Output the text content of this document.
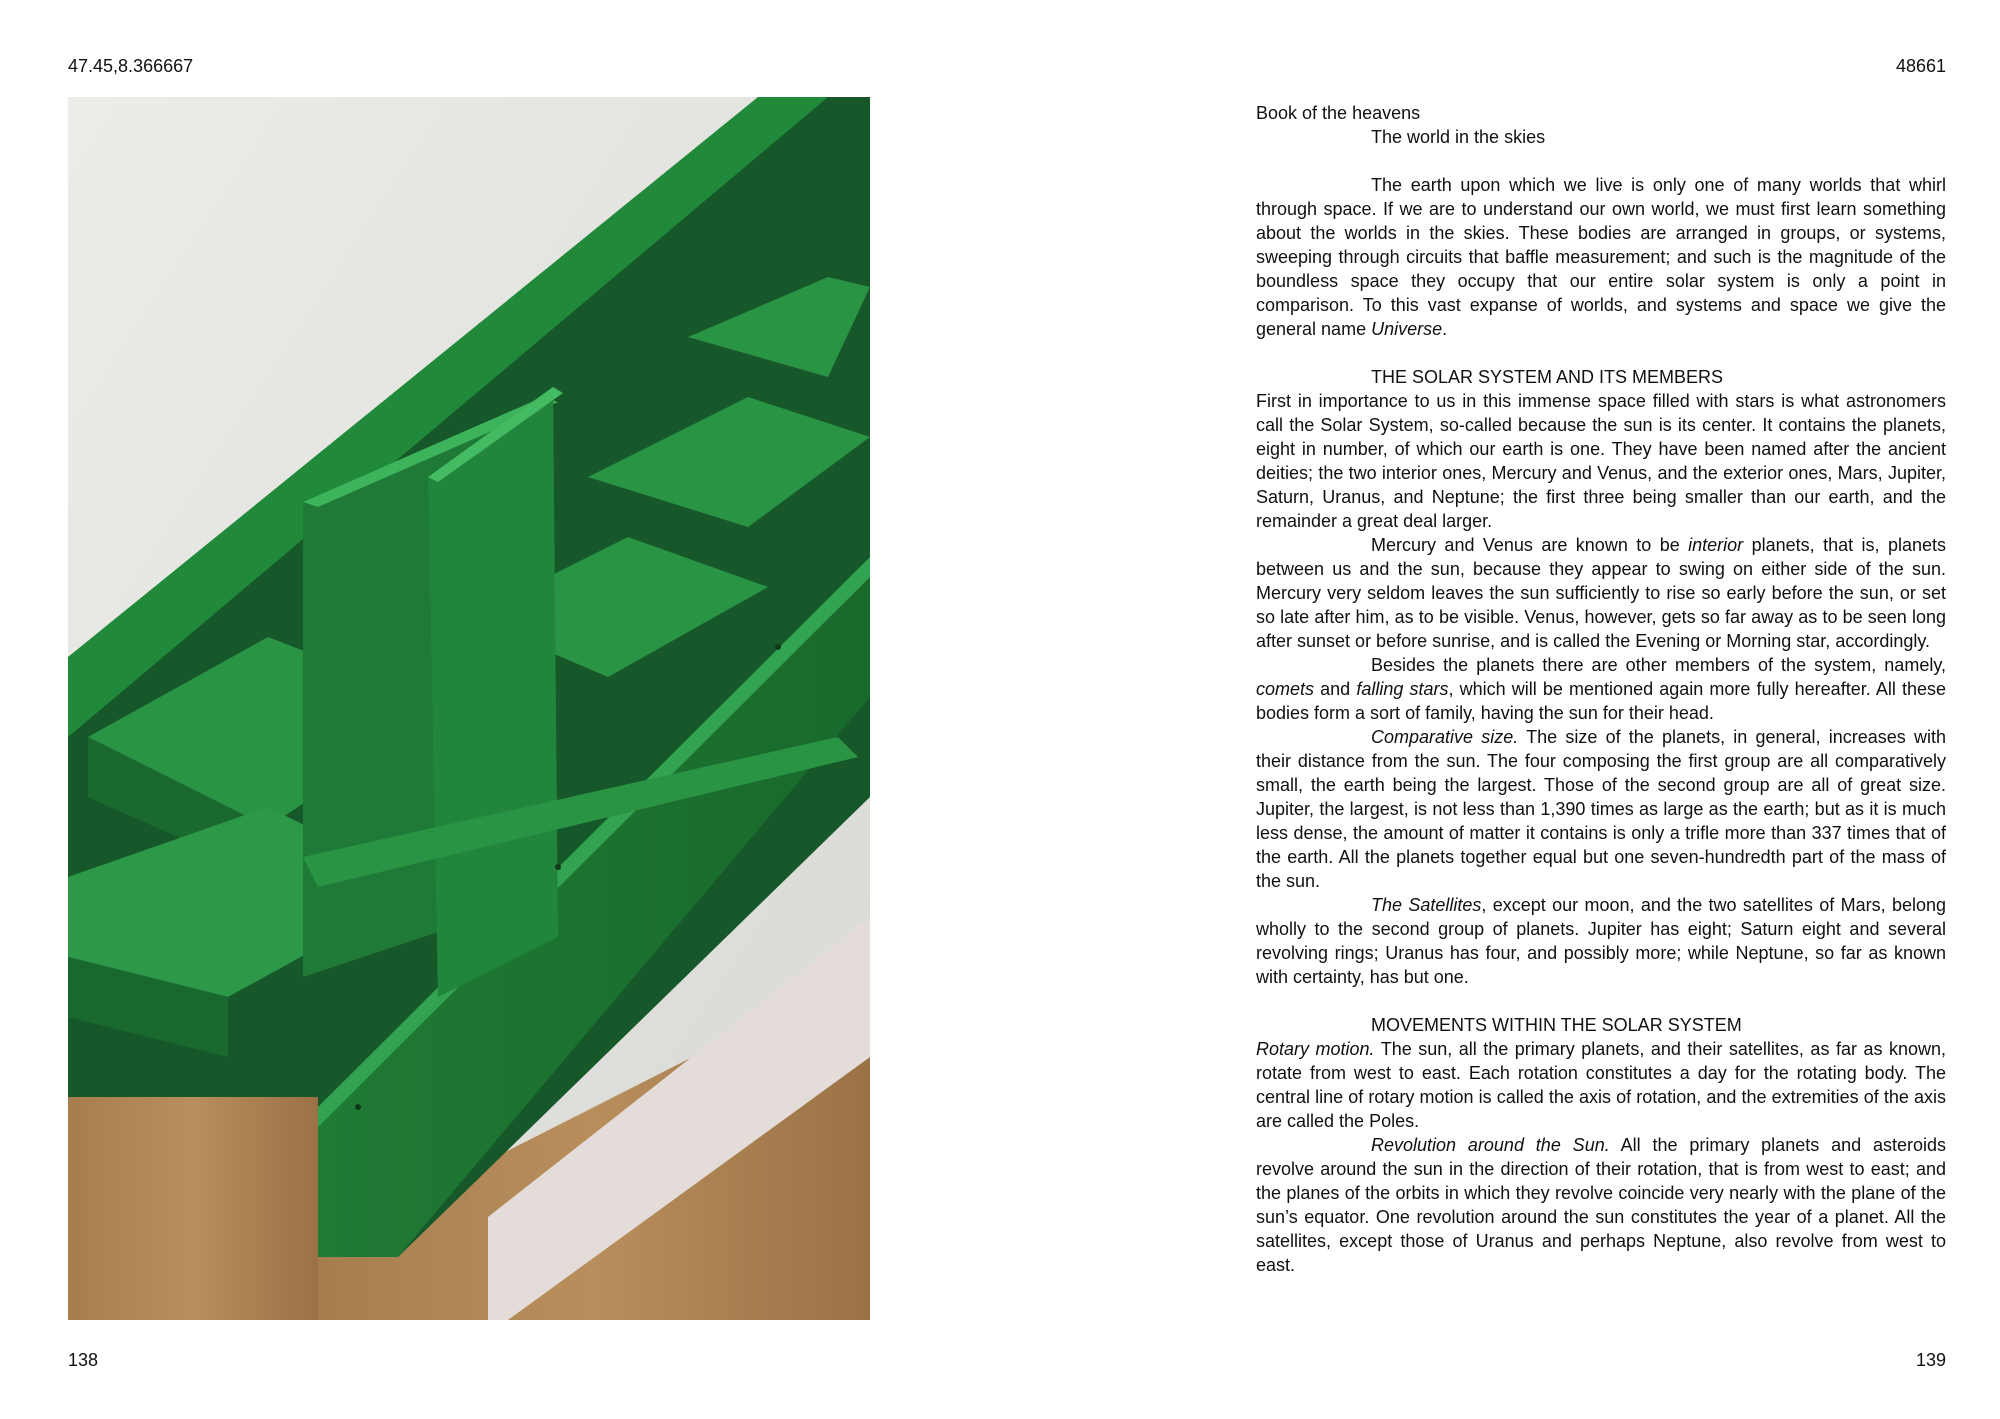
47.45,8.366667	48661

Book of the heavens

The world in the skies

The earth upon which we live is only one of many worlds that whirl through space. If we are to understand our own world, we must first learn something about the worlds in the skies. These bodies are arranged in groups, or systems, sweeping through circuits that baffle measurement; and such is the magnitude of the boundless space they occupy that our entire solar system is only a point in comparison. To this vast expanse of worlds, and systems and space we give the general name Universe.

THE SOLAR SYSTEM AND ITS MEMBERS

First in importance to us in this immense space filled with stars is what astronomers call the Solar System, so-called because the sun is its center. It contains the planets, eight in number, of which our earth is one. They have been named after the ancient deities; the two interior ones, Mercury and Venus, and the exterior ones, Mars, Jupiter, Saturn, Uranus, and Neptune; the first three being smaller than our earth, and the remainder a great deal larger.

Mercury and Venus are known to be interior planets, that is, planets between us and the sun, because they appear to swing on either side of the sun. Mercury very seldom leaves the sun sufficiently to rise so early before the sun, or set so late after him, as to be visible. Venus, however, gets so far away as to be seen long after sunset or before sunrise, and is called the Evening or Morning star, accordingly.

Besides the planets there are other members of the system, namely, comets and falling stars, which will be mentioned again more fully hereafter. All these bodies form a sort of family, having the sun for their head.

Comparative size. The size of the planets, in general, increases with their distance from the sun. The four composing the first group are all comparatively small, the earth being the largest. Those of the second group are all of great size. Jupiter, the largest, is not less than 1,390 times as large as the earth; but as it is much less dense, the amount of matter it contains is only a trifle more than 337 times that of the earth. All the planets together equal but one seven-hundredth part of the mass of the sun.

The Satellites, except our moon, and the two satellites of Mars, belong wholly to the second group of planets. Jupiter has eight; Saturn eight and several revolving rings; Uranus has four, and possibly more; while Neptune, so far as known with certainty, has but one.

MOVEMENTS WITHIN THE SOLAR SYSTEM

Rotary motion. The sun, all the primary planets, and their satellites, as far as known, rotate from west to east. Each rotation constitutes a day for the rotating body. The central line of rotary motion is called the axis of rotation, and the extremities of the axis are called the Poles.

Revolution around the Sun. All the primary planets and asteroids revolve around the sun in the direction of their rotation, that is from west to east; and the planes of the orbits in which they revolve coincide very nearly with the plane of the sun’s equator. One revolution around the sun constitutes the year of a planet. All the satellites, except those of Uranus and perhaps Neptune, also revolve from west to east.

138	139
